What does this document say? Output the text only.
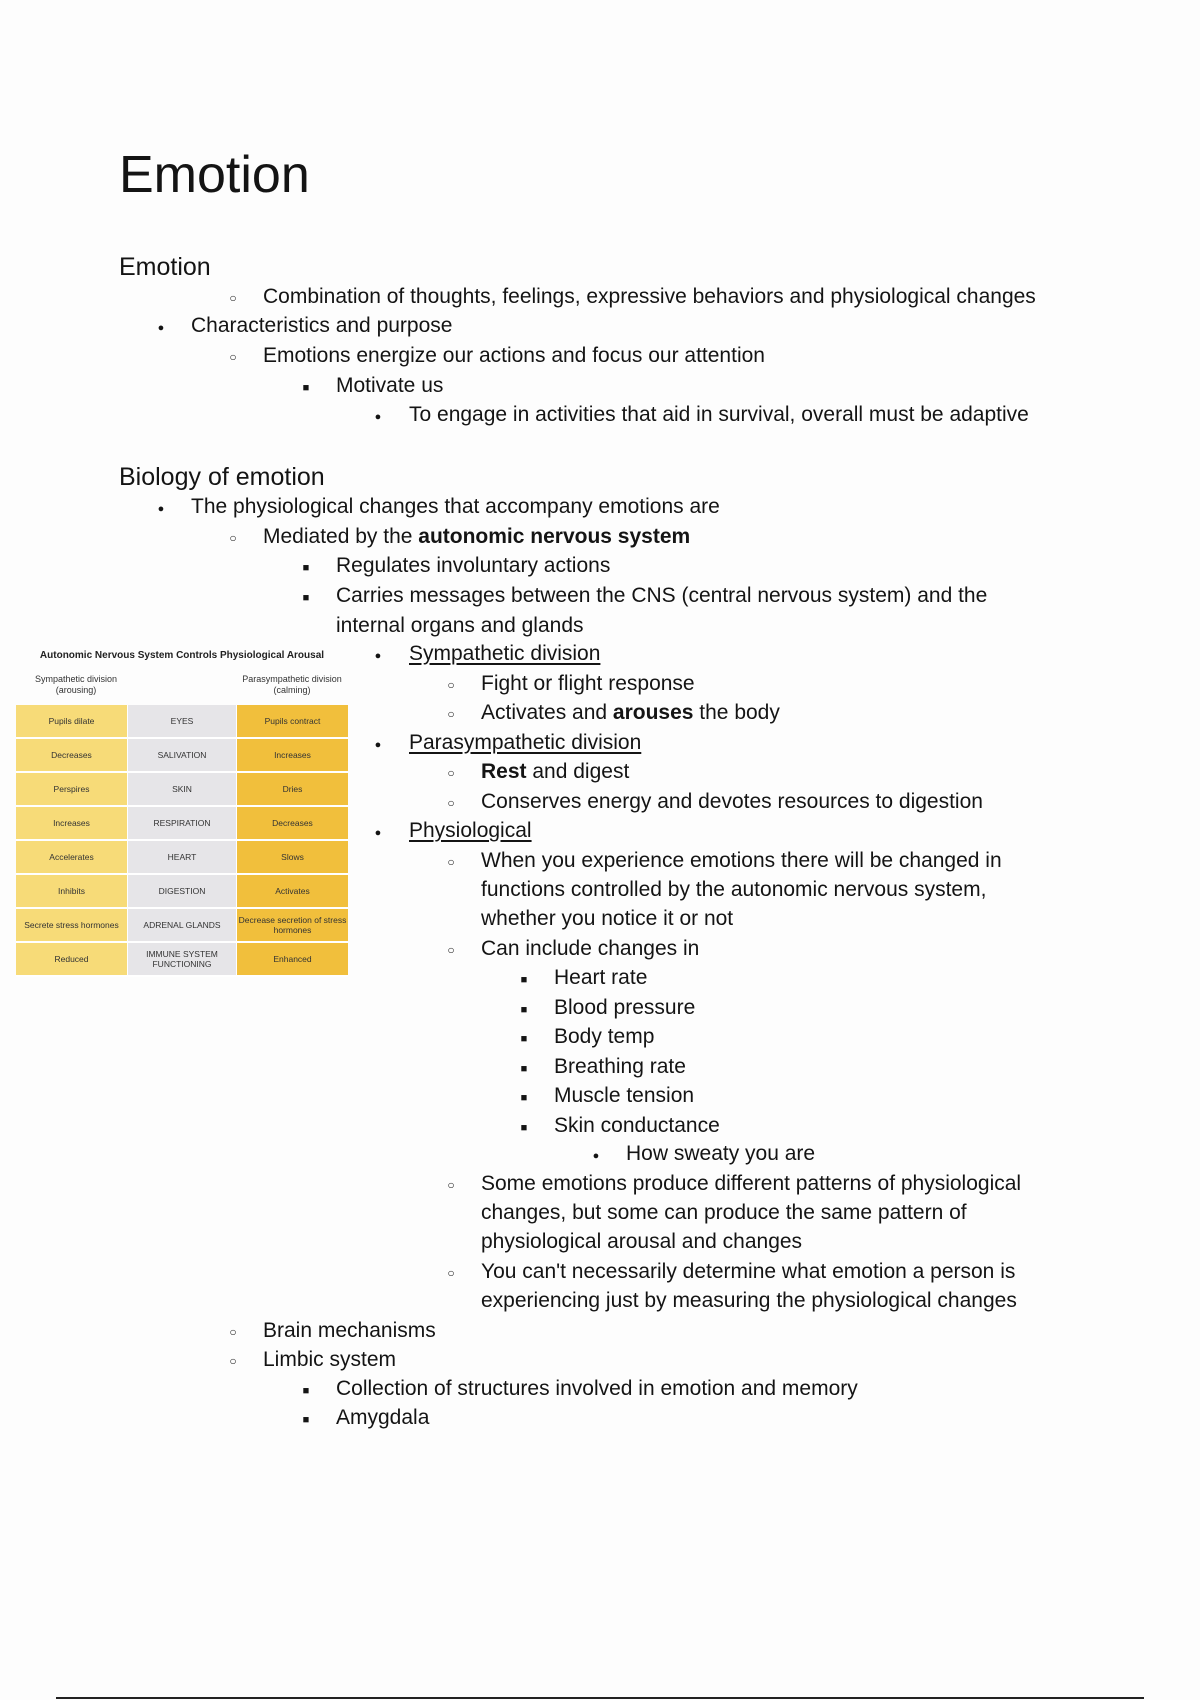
Emotion
Emotion
○
Combination of thoughts, feelings, expressive behaviors and physiological changes
●
Characteristics and purpose
○
Emotions energize our actions and focus our attention
■
Motivate us
●
To engage in activities that aid in survival, overall must be adaptive
Biology of emotion
●
The physiological changes that accompany emotions are
○
Mediated by the autonomic nervous system
■
Regulates involuntary actions
■
Carries messages between the CNS (central nervous system) and the
internal organs and glands
●
Sympathetic division
○
Fight or flight response
○
Activates and arouses the body
●
Parasympathetic division
○
Rest and digest
○
Conserves energy and devotes resources to digestion
●
Physiological
○
When you experience emotions there will be changed in
functions controlled by the autonomic nervous system,
whether you notice it or not
○
Can include changes in
■
Heart rate
■
Blood pressure
■
Body temp
■
Breathing rate
■
Muscle tension
■
Skin conductance
●
How sweaty you are
○
Some emotions produce different patterns of physiological
changes, but some can produce the same pattern of
physiological arousal and changes
○
You can't necessarily determine what emotion a person is
experiencing just by measuring the physiological changes
○
Brain mechanisms
○
Limbic system
■
Collection of structures involved in emotion and memory
■
Amygdala
Autonomic Nervous System Controls Physiological Arousal
Sympathetic division (arousing)
Parasympathetic division (calming)
Pupils dilate	EYES	Pupils contract
Decreases	SALIVATION	Increases
Perspires	SKIN	Dries
Increases	RESPIRATION	Decreases
Accelerates	HEART	Slows
Inhibits	DIGESTION	Activates
Secrete stress hormones	ADRENAL GLANDS	Decrease secretion of stress hormones
Reduced	IMMUNE SYSTEM FUNCTIONING	Enhanced
